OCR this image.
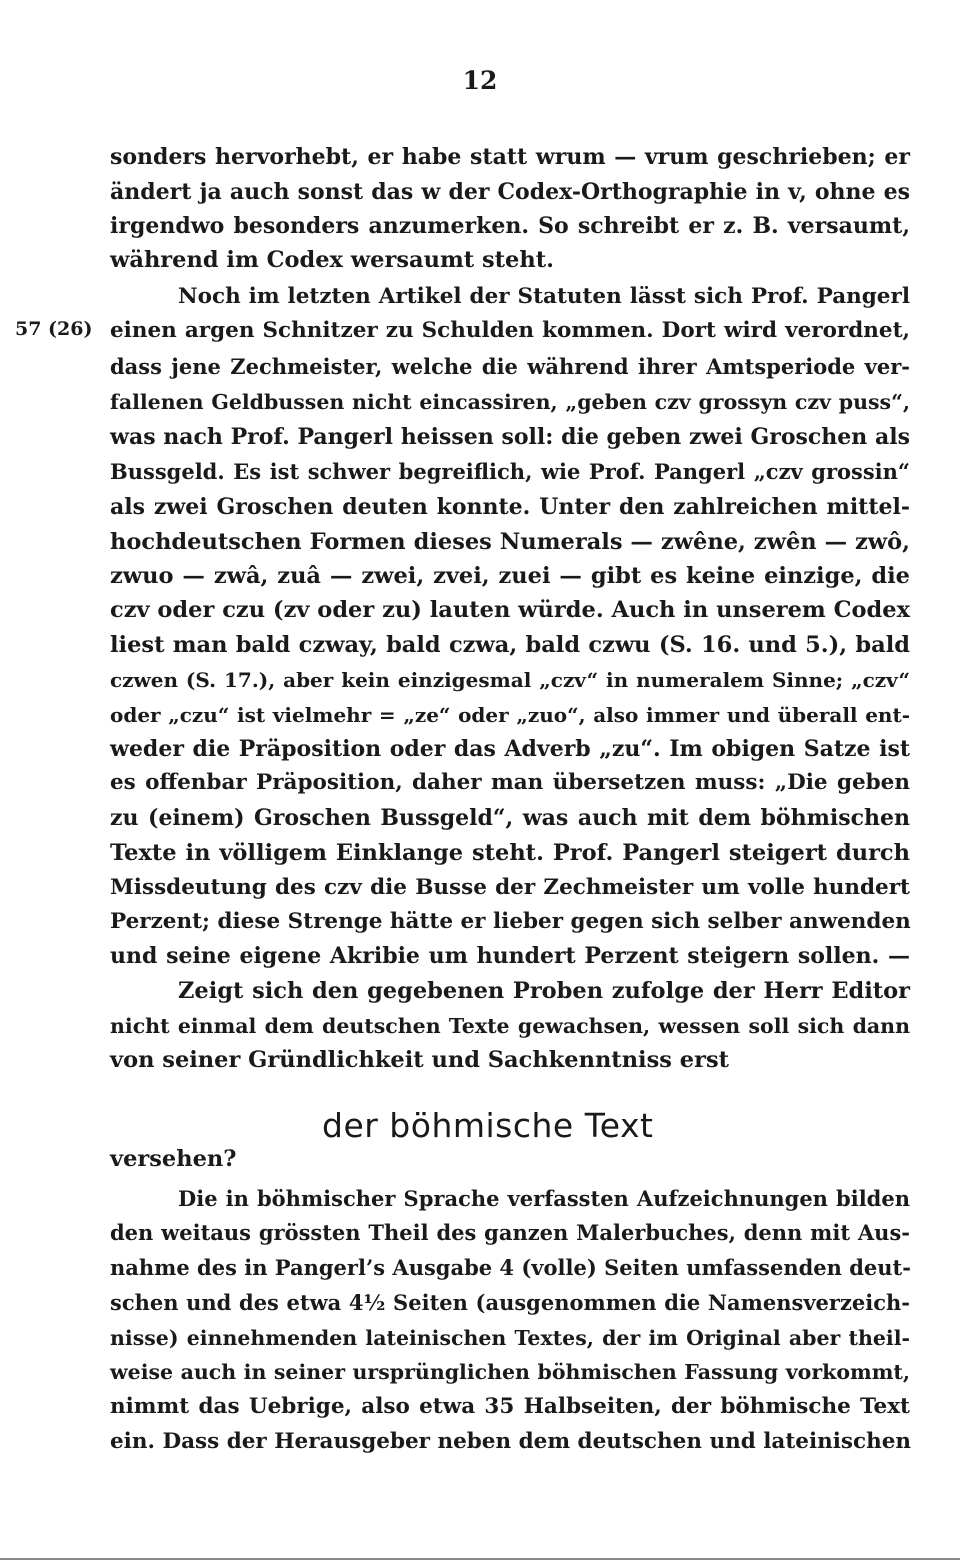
12
57 (26)
sonders hervorhebt, er habe statt wrum — vrum geschrieben; er
ändert ja auch sonst das w der Codex-Orthographie in v, ohne es
irgendwo besonders anzumerken. So schreibt er z. B. versaumt,
während im Codex wersaumt steht.
Noch im letzten Artikel der Statuten lässt sich Prof. Pangerl
einen argen Schnitzer zu Schulden kommen. Dort wird verordnet,
dass jene Zechmeister, welche die während ihrer Amtsperiode ver-
fallenen Geldbussen nicht eincassiren, „geben czv grossyn czv puss“,
was nach Prof. Pangerl heissen soll: die geben zwei Groschen als
Bussgeld. Es ist schwer begreiflich, wie Prof. Pangerl „czv grossin“
als zwei Groschen deuten konnte. Unter den zahlreichen mittel-
hochdeutschen Formen dieses Numerals — zwêne, zwên — zwô,
zwuo — zwâ, zuâ — zwei, zvei, zuei — gibt es keine einzige, die
czv oder czu (zv oder zu) lauten würde. Auch in unserem Codex
liest man bald czway, bald czwa, bald czwu (S. 16. und 5.), bald
czwen (S. 17.), aber kein einzigesmal „czv“ in numeralem Sinne; „czv“
oder „czu“ ist vielmehr = „ze“ oder „zuo“, also immer und überall ent-
weder die Präposition oder das Adverb „zu“. Im obigen Satze ist
es offenbar Präposition, daher man übersetzen muss: „Die geben
zu (einem) Groschen Bussgeld“, was auch mit dem böhmischen
Texte in völligem Einklange steht. Prof. Pangerl steigert durch
Missdeutung des czv die Busse der Zechmeister um volle hundert
Perzent; diese Strenge hätte er lieber gegen sich selber anwenden
und seine eigene Akribie um hundert Perzent steigern sollen. —
Zeigt sich den gegebenen Proben zufolge der Herr Editor
nicht einmal dem deutschen Texte gewachsen, wessen soll sich dann
von seiner Gründlichkeit und Sachkenntniss erst
der böhmische Text
versehen?
Die in böhmischer Sprache verfassten Aufzeichnungen bilden
den weitaus grössten Theil des ganzen Malerbuches, denn mit Aus-
nahme des in Pangerl’s Ausgabe 4 (volle) Seiten umfassenden deut-
schen und des etwa 4½ Seiten (ausgenommen die Namensverzeich-
nisse) einnehmenden lateinischen Textes, der im Original aber theil-
weise auch in seiner ursprünglichen böhmischen Fassung vorkommt,
nimmt das Uebrige, also etwa 35 Halbseiten, der böhmische Text
ein. Dass der Herausgeber neben dem deutschen und lateinischen
